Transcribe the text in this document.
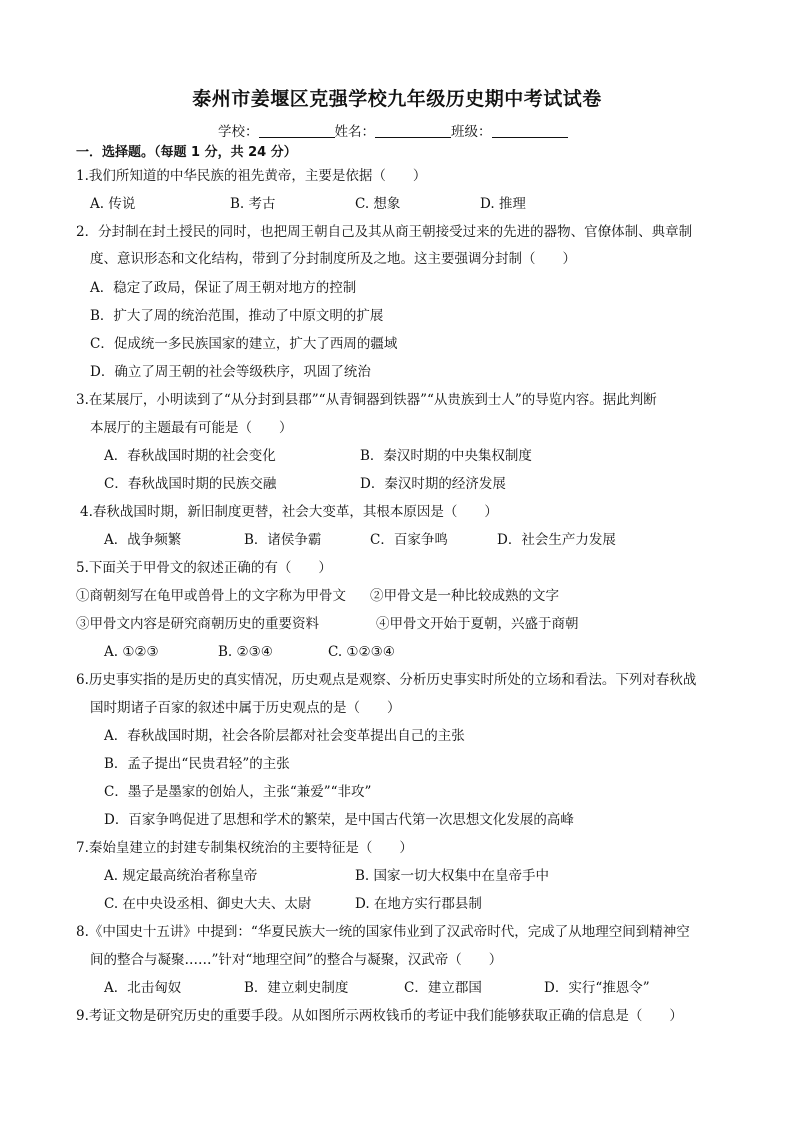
泰州市姜堰区克强学校九年级历史期中考试试卷
学校：	姓名：	班级：
一．选择题。（每题 1 分，共 24 分）
1.我们所知道的中华民族的祖先黄帝，主要是依据（　　）
A. 传说	B. 考古	C. 想象	D. 推理
2．分封制在封土授民的同时，也把周王朝自己及其从商王朝接受过来的先进的器物、官僚体制、典章制
度、意识形态和文化结构，带到了分封制度所及之地。这主要强调分封制（　　）
A．稳定了政局，保证了周王朝对地方的控制
B．扩大了周的统治范围，推动了中原文明的扩展
C．促成统一多民族国家的建立，扩大了西周的疆域
D．确立了周王朝的社会等级秩序，巩固了统治
3.在某展厅，小明读到了“从分封到县郡”“从青铜器到铁器”“从贵族到士人”的导览内容。据此判断
本展厅的主题最有可能是（　　）
A．春秋战国时期的社会变化	B．秦汉时期的中央集权制度
C．春秋战国时期的民族交融	D．秦汉时期的经济发展
4.春秋战国时期，新旧制度更替，社会大变革，其根本原因是（　　）
A．战争频繁	B．诸侯争霸	C．百家争鸣	D．社会生产力发展
5.下面关于甲骨文的叙述正确的有（　　）
①商朝刻写在龟甲或兽骨上的文字称为甲骨文 ②甲骨文是一种比较成熟的文字
③甲骨文内容是研究商朝历史的重要资料	④甲骨文开始于夏朝，兴盛于商朝
A. ①②③	B. ②③④	C. ①②③④
6.历史事实指的是历史的真实情况，历史观点是观察、分析历史事实时所处的立场和看法。下列对春秋战
国时期诸子百家的叙述中属于历史观点的是（　　）
A．春秋战国时期，社会各阶层都对社会变革提出自己的主张
B．孟子提出“民贵君轻”的主张
C．墨子是墨家的创始人，主张“兼爱”“非攻”
D．百家争鸣促进了思想和学术的繁荣，是中国古代第一次思想文化发展的高峰
7.秦始皇建立的封建专制集权统治的主要特征是（　　）
A. 规定最高统治者称皇帝	B. 国家一切大权集中在皇帝手中
C. 在中央设丞相、御史大夫、太尉	D. 在地方实行郡县制
8.《中国史十五讲》中提到：“华夏民族大一统的国家伟业到了汉武帝时代，完成了从地理空间到精神空
间的整合与凝聚……”针对“地理空间”的整合与凝聚，汉武帝（　　）
A．北击匈奴	B．建立刺史制度	C．建立郡国	D．实行“推恩令”
9.考证文物是研究历史的重要手段。从如图所示两枚钱币的考证中我们能够获取正确的信息是（　　）
